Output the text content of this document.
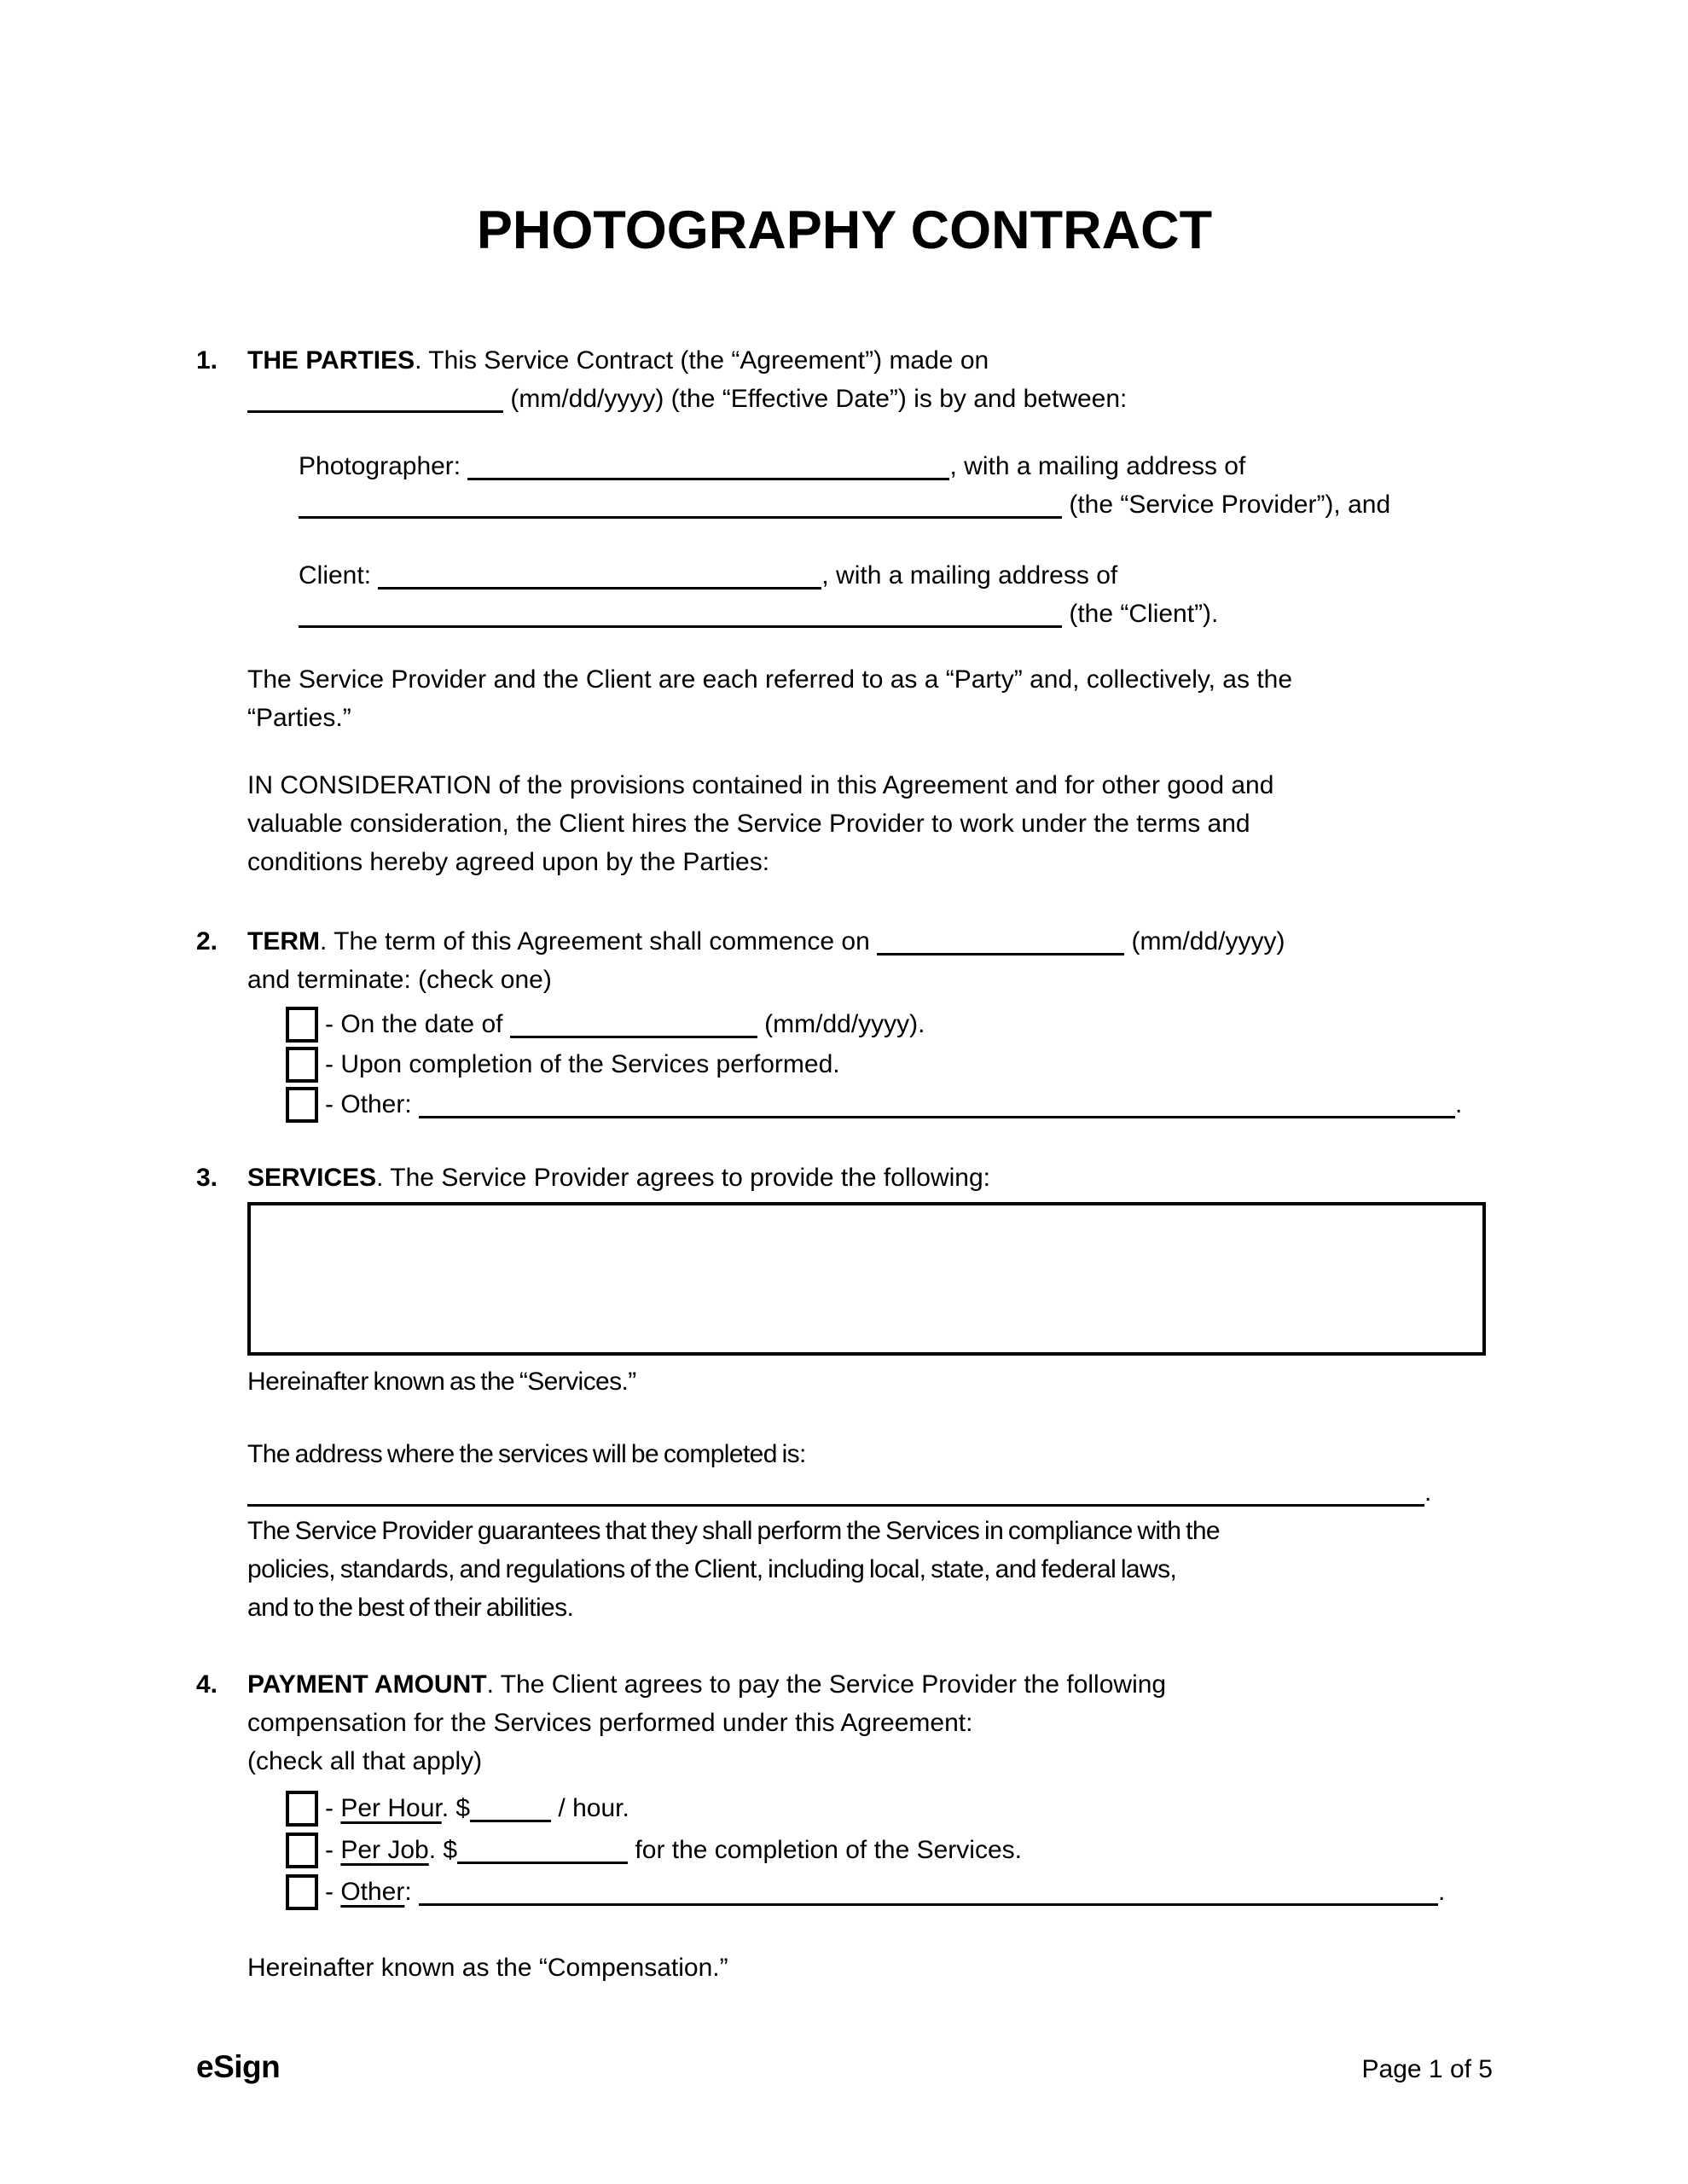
PHOTOGRAPHY CONTRACT
1.	THE PARTIES. This Service Contract (the “Agreement”) made on
(mm/dd/yyyy) (the “Effective Date”) is by and between:
Photographer:	, with a mailing address of
(the “Service Provider”), and
Client:	, with a mailing address of
(the “Client”).
The Service Provider and the Client are each referred to as a “Party” and, collectively, as the
“Parties.”
IN CONSIDERATION of the provisions contained in this Agreement and for other good and
valuable consideration, the Client hires the Service Provider to work under the terms and
conditions hereby agreed upon by the Parties:
2.	TERM. The term of this Agreement shall commence on	(mm/dd/yyyy)
and terminate: (check one)
- On the date of	(mm/dd/yyyy).
- Upon completion of the Services performed.
- Other:	.
3.	SERVICES. The Service Provider agrees to provide the following:
Hereinafter known as the “Services.”
The address where the services will be completed is:
.
The Service Provider guarantees that they shall perform the Services in compliance with the
policies, standards, and regulations of the Client, including local, state, and federal laws,
and to the best of their abilities.
4.	PAYMENT AMOUNT. The Client agrees to pay the Service Provider the following
compensation for the Services performed under this Agreement:
(check all that apply)
- Per Hour. $	/ hour.
- Per Job. $	for the completion of the Services.
- Other:	.
Hereinafter known as the “Compensation.”
eSign	Page 1 of 5
